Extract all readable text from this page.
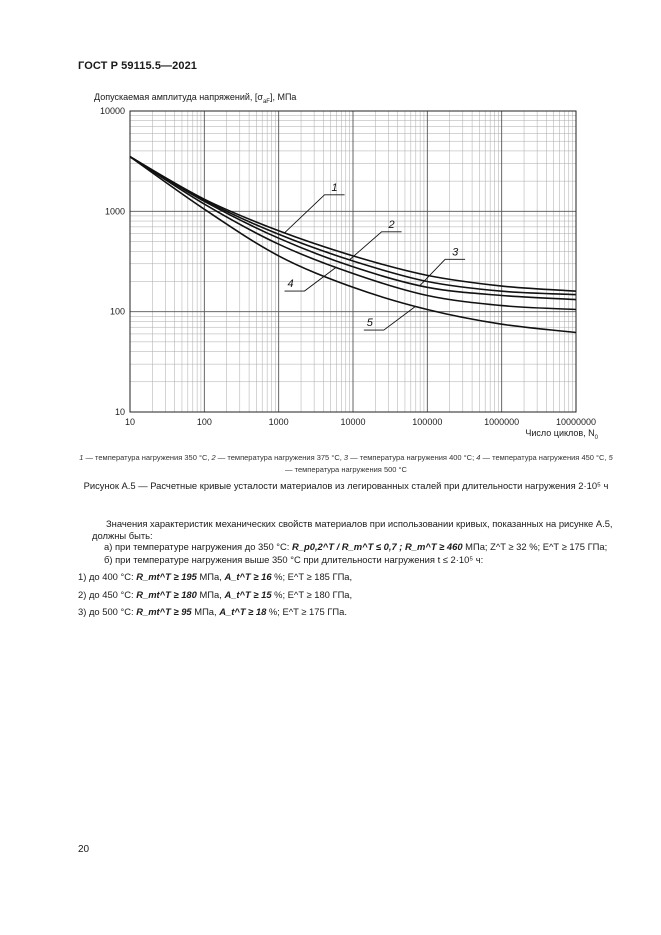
ГОСТ Р 59115.5—2021
Допускаемая амплитуда напряжений, $[\sigma_{aF}]$, МПа
10	100	1000	10000	100000	1000000	10000000
10
100
1000
10000
1
2
3
4
5
Число циклов, $N_0$
1 — температура нагружения 350 °С, 2 — температура нагружения 375 °С, 3 — температура нагружения 400 °С; 4 — температура нагружения 450 °С, 5 — температура нагружения 500 °С
Рисунок А.5 — Расчетные кривые усталости материалов из легированных сталей при длительности нагружения 2·10⁵ ч
Значения характеристик механических свойств материалов при использовании кривых, показанных на рисунке А.5, должны быть:
а) при температуре нагружения до 350 °С: R_p0,2^T / R_m^T ≤ 0,7 ; R_m^T ≥ 460 МПа; Z^T ≥ 32 %; E^T ≥ 175 ГПа;
б) при температуре нагружения выше 350 °С при длительности нагружения t ≤ 2·10⁵ ч:
1) до 400 °С: R_mt^T ≥ 195 МПа, A_t^T ≥ 16 %; E^T ≥ 185 ГПа,
2) до 450 °С: R_mt^T ≥ 180 МПа, A_t^T ≥ 15 %; E^T ≥ 180 ГПа,
3) до 500 °С: R_mt^T ≥ 95 МПа, A_t^T ≥ 18 %; E^T ≥ 175 ГПа.
20
